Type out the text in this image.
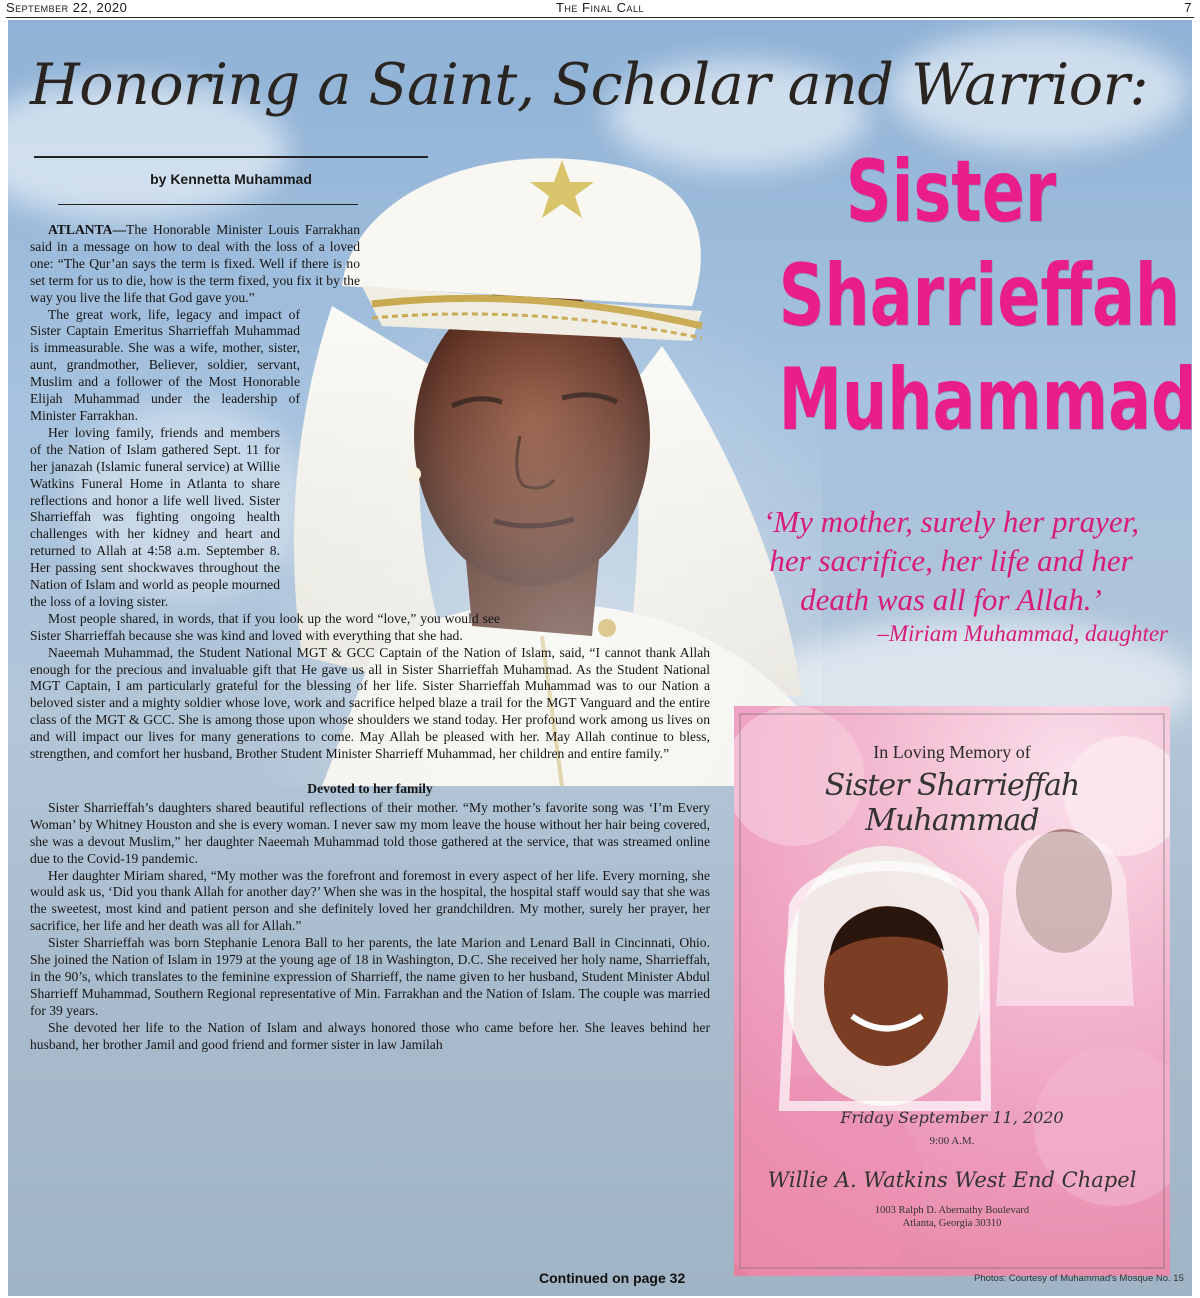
September 22, 2020	The Final Call	7
Honoring a Saint, Scholar and Warrior:
by Kennetta Muhammad	Sister
Sharrieffah
Muhammad
‘My mother, surely her prayer,
her sacrifice, her life and her
death was all for Allah.’
–Miriam Muhammad, daughter

ATLANTA—The Honorable Minister Louis Farrakhan said in a message on how to deal with the loss of a loved one: “The Qur’an says the term is fixed. Well if there is no set term for us to die, how is the term fixed, you fix it by the way you live the life that God gave you.”

The great work, life, legacy and impact of Sister Captain Emeritus Sharrieffah Muhammad is immeasurable. She was a wife, mother, sister, aunt, grandmother, Believer, soldier, servant, Muslim and a follower of the Most Honorable Elijah Muhammad under the leadership of Minister Farrakhan.

Her loving family, friends and members of the Nation of Islam gathered Sept. 11 for her janazah (Islamic funeral service) at Willie Watkins Funeral Home in Atlanta to share reflections and honor a life well lived. Sister Sharrieffah was fighting ongoing health challenges with her kidney and heart and returned to Allah at 4:58 a.m. September 8. Her passing sent shockwaves throughout the Nation of Islam and world as people mourned the loss of a loving sister.

Most people shared, in words, that if you look up the word “love,” you would see Sister Sharrieffah because she was kind and loved with everything that she had.

Naeemah Muhammad, the Student National MGT & GCC Captain of the Nation of Islam, said, “I cannot thank Allah enough for the precious and invaluable gift that He gave us all in Sister Sharrieffah Muhammad. As the Student National MGT Captain, I am particularly grateful for the blessing of her life. Sister Sharrieffah Muhammad was to our Nation a beloved sister and a mighty soldier whose love, work and sacrifice helped blaze a trail for the MGT Vanguard and the entire class of the MGT & GCC. She is among those upon whose shoulders we stand today. Her profound work among us lives on and will impact our lives for many generations to come. May Allah be pleased with her. May Allah continue to bless, strengthen, and comfort her husband, Brother Student Minister Sharrieff Muhammad, her children and entire family.”

Devoted to her family

Sister Sharrieffah’s daughters shared beautiful reflections of their mother. “My mother’s favorite song was ‘I’m Every Woman’ by Whitney Houston and she is every woman. I never saw my mom leave the house without her hair being covered, she was a devout Muslim,” her daughter Naeemah Muhammad told those gathered at the service, that was streamed online due to the Covid-19 pandemic.

Her daughter Miriam shared, “My mother was the forefront and foremost in every aspect of her life. Every morning, she would ask us, ‘Did you thank Allah for another day?’ When she was in the hospital, the hospital staff would say that she was the sweetest, most kind and patient person and she definitely loved her grandchildren. My mother, surely her prayer, her sacrifice, her life and her death was all for Allah.”

Sister Sharrieffah was born Stephanie Lenora Ball to her parents, the late Marion and Lenard Ball in Cincinnati, Ohio. She joined the Nation of Islam in 1979 at the young age of 18 in Washington, D.C. She received her holy name, Sharrieffah, in the 90’s, which translates to the feminine expression of Sharrieff, the name given to her husband, Student Minister Abdul Sharrieff Muhammad, Southern Regional representative of Min. Farrakhan and the Nation of Islam. The couple was married for 39 years.

She devoted her life to the Nation of Islam and always honored those who came before her. She leaves behind her husband, her brother Jamil and good friend and former sister in law Jamilah

Continued on page 32
In Loving Memory of
Sister Sharrieffah Muhammad
Friday September 11, 2020
9:00 A.M.
Willie A. Watkins West End Chapel
1003 Ralph D. Abernathy Boulevard
Atlanta, Georgia 30310
Photos: Courtesy of Muhammad's Mosque No. 15
